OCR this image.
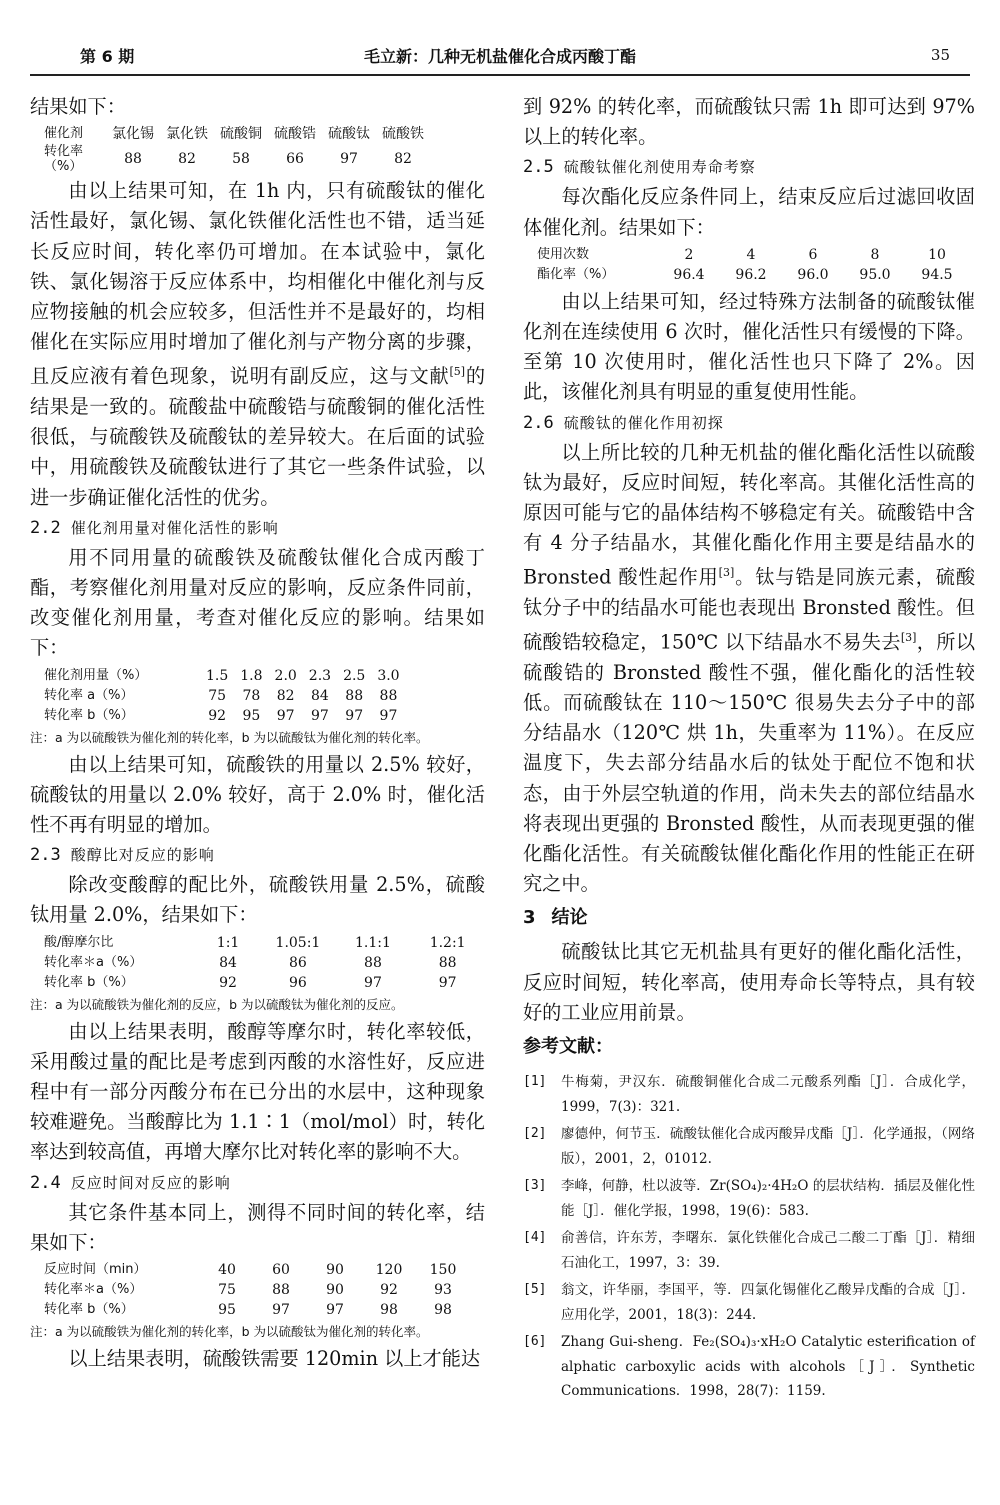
第 6 期	毛立新：几种无机盐催化合成丙酸丁酯	35

结果如下：

催化剂	氯化锡	氯化铁	硫酸铜	硫酸锆	硫酸钛	硫酸铁
转化率（%）	88	82	58	66	97	82

由以上结果可知，在 1h 内，只有硫酸钛的催化活性最好，氯化锡、氯化铁催化活性也不错，适当延长反应时间，转化率仍可增加。在本试验中，氯化铁、氯化锡溶于反应体系中，均相催化中催化剂与反应物接触的机会应较多，但活性并不是最好的，均相催化在实际应用时增加了催化剂与产物分离的步骤，且反应液有着色现象，说明有副反应，这与文献[5]的结果是一致的。硫酸盐中硫酸锆与硫酸铜的催化活性很低，与硫酸铁及硫酸钛的差异较大。在后面的试验中，用硫酸铁及硫酸钛进行了其它一些条件试验，以进一步确证催化活性的优劣。

2.2 催化剂用量对催化活性的影响

用不同用量的硫酸铁及硫酸钛催化合成丙酸丁酯，考察催化剂用量对反应的影响，反应条件同前，改变催化剂用量，考查对催化反应的影响。结果如下：

催化剂用量（%）	1.5	1.8	2.0	2.3	2.5	3.0
转化率 a（%）	75	78	82	84	88	88
转化率 b（%）	92	95	97	97	97	97
注：a 为以硫酸铁为催化剂的转化率，b 为以硫酸钛为催化剂的转化率。

由以上结果可知，硫酸铁的用量以 2.5% 较好，硫酸钛的用量以 2.0% 较好，高于 2.0% 时，催化活性不再有明显的增加。

2.3 酸醇比对反应的影响

除改变酸醇的配比外，硫酸铁用量 2.5%，硫酸钛用量 2.0%，结果如下：

酸/醇摩尔比	1:1	1.05:1	1.1:1	1.2:1
转化率＊a（%）	84	86	88	88
转化率 b（%）	92	96	97	97
注：a 为以硫酸铁为催化剂的反应，b 为以硫酸钛为催化剂的反应。

由以上结果表明，酸醇等摩尔时，转化率较低，采用酸过量的配比是考虑到丙酸的水溶性好，反应进程中有一部分丙酸分布在已分出的水层中，这种现象较难避免。当酸醇比为 1.1∶1（mol/mol）时，转化率达到较高值，再增大摩尔比对转化率的影响不大。

2.4 反应时间对反应的影响

其它条件基本同上，测得不同时间的转化率，结果如下：

反应时间（min）	40	60	90	120	150
转化率＊a（%）	75	88	90	92	93
转化率 b（%）	95	97	97	98	98
注：a 为以硫酸铁为催化剂的转化率，b 为以硫酸钛为催化剂的转化率。

以上结果表明，硫酸铁需要 120min 以上才能达

到 92% 的转化率，而硫酸钛只需 1h 即可达到 97% 以上的转化率。

2.5 硫酸钛催化剂使用寿命考察

每次酯化反应条件同上，结束反应后过滤回收固体催化剂。结果如下：

使用次数	2	4	6	8	10
酯化率（%）	96.4	96.2	96.0	95.0	94.5

由以上结果可知，经过特殊方法制备的硫酸钛催化剂在连续使用 6 次时，催化活性只有缓慢的下降。至第 10 次使用时，催化活性也只下降了 2%。因此，该催化剂具有明显的重复使用性能。

2.6 硫酸钛的催化作用初探

以上所比较的几种无机盐的催化酯化活性以硫酸钛为最好，反应时间短，转化率高。其催化活性高的原因可能与它的晶体结构不够稳定有关。硫酸锆中含有 4 分子结晶水，其催化酯化作用主要是结晶水的 Bronsted 酸性起作用[3]。钛与锆是同族元素，硫酸钛分子中的结晶水可能也表现出 Bronsted 酸性。但硫酸锆较稳定，150℃ 以下结晶水不易失去[3]，所以硫酸锆的 Bronsted 酸性不强，催化酯化的活性较低。而硫酸钛在 110～150℃ 很易失去分子中的部分结晶水（120℃ 烘 1h，失重率为 11%）。在反应温度下，失去部分结晶水后的钛处于配位不饱和状态，由于外层空轨道的作用，尚未失去的部位结晶水将表现出更强的 Bronsted 酸性，从而表现更强的催化酯化活性。有关硫酸钛催化酯化作用的性能正在研究之中。

3 结论

硫酸钛比其它无机盐具有更好的催化酯化活性，反应时间短，转化率高，使用寿命长等特点，具有较好的工业应用前景。

参考文献：
[1] 牛梅菊，尹汉东．硫酸铜催化合成二元酸系列酯［J］．合成化学，1999，7(3)：321.
[2] 廖德仲，何节玉．硫酸钛催化合成丙酸异戊酯［J］．化学通报，（网络版），2001，2，01012.
[3] 李峰，何静，杜以波等．Zr(SO₄)₂·4H₂O 的层状结构．插层及催化性能［J］．催化学报，1998，19(6)：583.
[4] 俞善信，许东芳，李曙东．氯化铁催化合成己二酸二丁酯［J］．精细石油化工，1997，3：39.
[5] 翁文，许华丽，李国平，等．四氯化锡催化乙酸异戊酯的合成［J］．应用化学，2001，18(3)：244.
[6] Zhang Gui-sheng．Fe₂(SO₄)₃·xH₂O Catalytic esterification of alphatic carboxylic acids with alcohols［J］．Synthetic Communications．1998，28(7)：1159.
